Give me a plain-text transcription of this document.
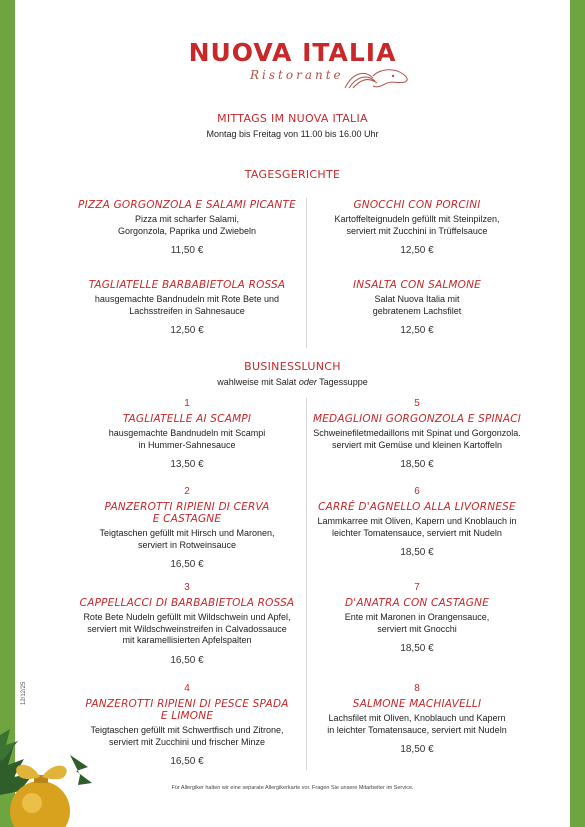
NUOVA ITALIA
Ristorante
MITTAGS IM NUOVA ITALIA
Montag bis Freitag von 11.00 bis 16.00 Uhr
TAGESGERICHTE
PIZZA GORGONZOLA E SALAMI PICANTE
Pizza mit scharfer Salami,
Gorgonzola, Paprika und Zwiebeln
11,50 €
GNOCCHI CON PORCINI
Kartoffelteignudeln gefüllt mit Steinpilzen,
serviert mit Zucchini in Trüffelsauce
12,50 €
TAGLIATELLE BARBABIETOLA ROSSA
hausgemachte Bandnudeln mit Rote Bete und
Lachsstreifen in Sahnesauce
12,50 €
INSALTA CON SALMONE
Salat Nuova Italia mit
gebratenem Lachsfilet
12,50 €
BUSINESSLUNCH
wahlweise mit Salat oder Tagessuppe
1
TAGLIATELLE AI SCAMPI
hausgemachte Bandnudeln mit Scampi
in Hummer-Sahnesauce
13,50 €
5
MEDAGLIONI GORGONZOLA E SPINACI
Schweinefiletmedaillons mit Spinat und Gorgonzola.
serviert mit Gemüse und kleinen Kartoffeln
18,50 €
2
PANZEROTTI RIPIENI DI CERVA
E CASTAGNE
Teigtaschen gefüllt mit Hirsch und Maronen,
serviert in Rotweinsauce
16,50 €
6
CARRÉ D'AGNELLO ALLA LIVORNESE
Lammkarree mit Oliven, Kapern und Knoblauch in
leichter Tomatensauce, serviert mit Nudeln
18,50 €
3
CAPPELLACCI DI BARBABIETOLA ROSSA
Rote Bete Nudeln gefüllt mit Wildschwein und Apfel,
serviert mit Wildschweinstreifen in Calvadossauce
mit karamellisierten Apfelspalten
16,50 €
7
D'ANATRA CON CASTAGNE
Ente mit Maronen in Orangensauce,
serviert mit Gnocchi
18,50 €
4
PANZEROTTI RIPIENI DI PESCE SPADA
E LIMONE
Teigtaschen gefüllt mit Schwertfisch und Zitrone,
serviert mit Zucchini und frischer Minze
16,50 €
8
SALMONE MACHIAVELLI
Lachsfilet mit Oliven, Knoblauch und Kapern
in leichter Tomatensauce, serviert mit Nudeln
18,50 €
Für Allergiker halten wir eine separate Allergikerkarte vor. Fragen Sie unsere Mitarbeiter im Service.
12/12/25
